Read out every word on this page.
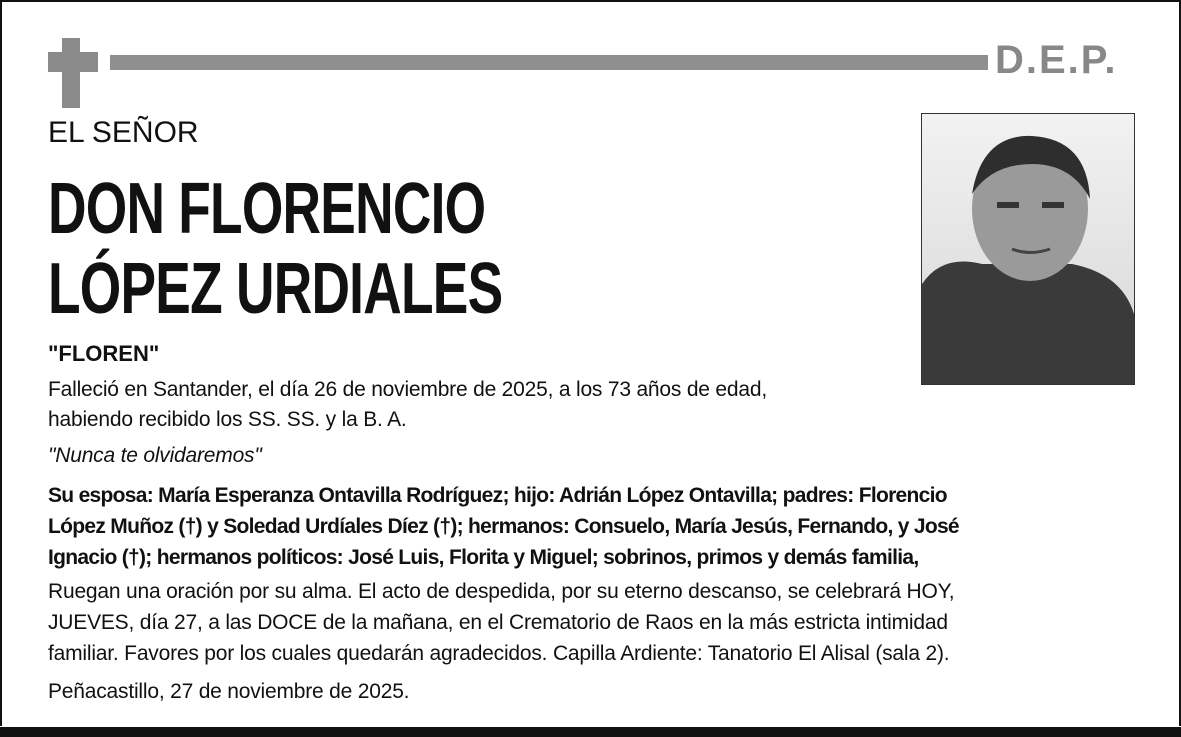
D.E.P.
EL SEÑOR
DON FLORENCIO
LÓPEZ URDIALES
"FLOREN"
Falleció en Santander, el día 26 de noviembre de 2025, a los 73 años de edad,
habiendo recibido los SS. SS. y la B. A.
"Nunca te olvidaremos"
Su esposa: María Esperanza Ontavilla Rodríguez; hijo: Adrián López Ontavilla; padres: Florencio
López Muñoz (†) y Soledad Urdíales Díez (†); hermanos: Consuelo, María Jesús, Fernando, y José
Ignacio (†); hermanos políticos: José Luis, Florita y Miguel; sobrinos, primos y demás familia,
Ruegan una oración por su alma. El acto de despedida, por su eterno descanso, se celebrará HOY,
JUEVES, día 27, a las DOCE de la mañana, en el Crematorio de Raos en la más estricta intimidad
familiar. Favores por los cuales quedarán agradecidos. Capilla Ardiente: Tanatorio El Alisal (sala 2).
Peñacastillo, 27 de noviembre de 2025.
